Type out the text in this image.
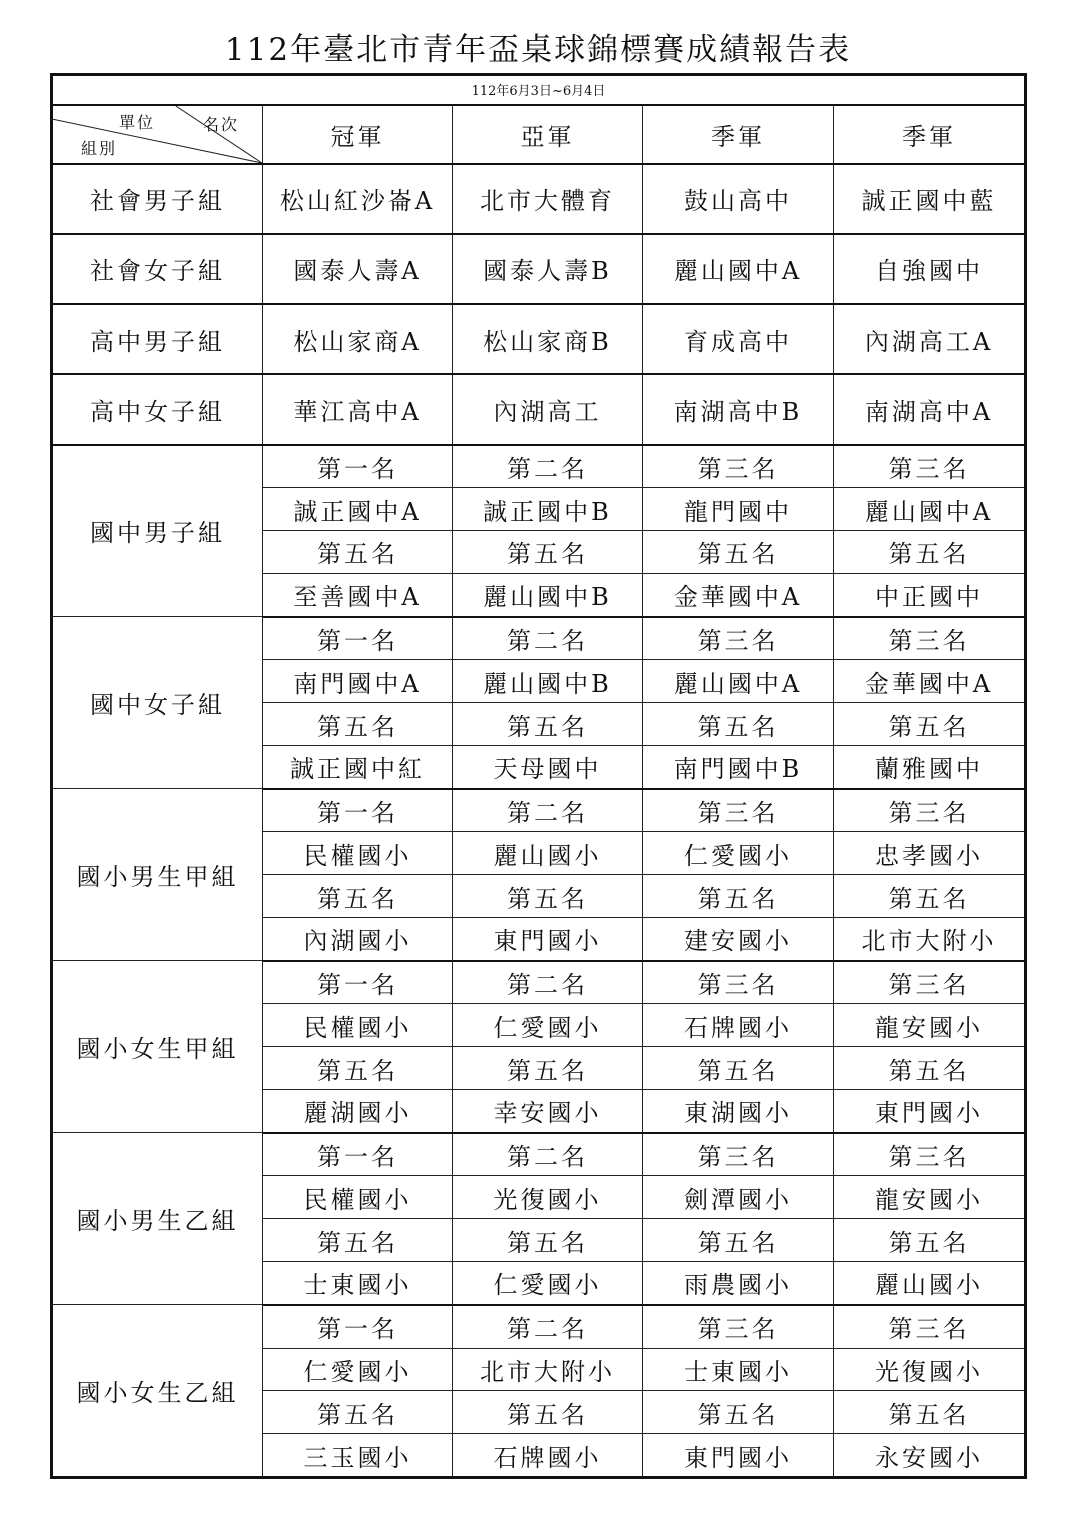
112年臺北市青年盃桌球錦標賽成績報告表
112年6月3日~6月4日				

單位 名次
組別	冠軍	亞軍	季軍	季軍
社會男子組	松山紅沙崙A	北市大體育	鼓山高中	誠正國中藍
社會女子組	國泰人壽A	國泰人壽B	麗山國中A	自強國中
高中男子組	松山家商A	松山家商B	育成高中	內湖高工A
高中女子組	華江高中A	內湖高工	南湖高中B	南湖高中A
國中男子組	第一名	第二名	第三名	第三名
	誠正國中A	誠正國中B	龍門國中	麗山國中A
	第五名	第五名	第五名	第五名
	至善國中A	麗山國中B	金華國中A	中正國中
國中女子組	第一名	第二名	第三名	第三名
	南門國中A	麗山國中B	麗山國中A	金華國中A
	第五名	第五名	第五名	第五名
	誠正國中紅	天母國中	南門國中B	蘭雅國中
國小男生甲組	第一名	第二名	第三名	第三名
	民權國小	麗山國小	仁愛國小	忠孝國小
	第五名	第五名	第五名	第五名
	內湖國小	東門國小	建安國小	北市大附小
國小女生甲組	第一名	第二名	第三名	第三名
	民權國小	仁愛國小	石牌國小	龍安國小
	第五名	第五名	第五名	第五名
	麗湖國小	幸安國小	東湖國小	東門國小
國小男生乙組	第一名	第二名	第三名	第三名
	民權國小	光復國小	劍潭國小	龍安國小
	第五名	第五名	第五名	第五名
	士東國小	仁愛國小	雨農國小	麗山國小
國小女生乙組	第一名	第二名	第三名	第三名
	仁愛國小	北市大附小	士東國小	光復國小
	第五名	第五名	第五名	第五名
	三玉國小	石牌國小	東門國小	永安國小
